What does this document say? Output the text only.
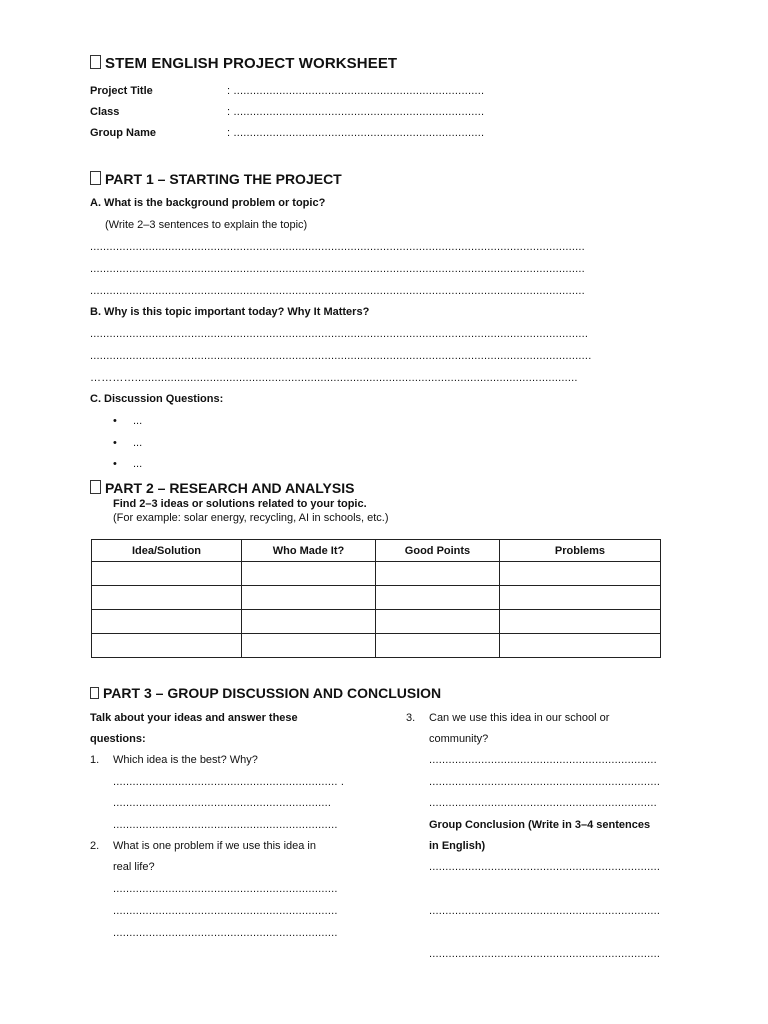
STEM ENGLISH PROJECT WORKSHEET
Project Title	: .............................................................................
Class	: .............................................................................
Group Name	: .............................................................................
PART 1 – STARTING THE PROJECT
A. What is the background problem or topic?
(Write 2–3 sentences to explain the topic)
........................................................................................................................................................
........................................................................................................................................................
........................................................................................................................................................
B. Why is this topic important today? Why It Matters?
.........................................................................................................................................................
..........................................................................................................................................................
…………........................................................................................................................................
C. Discussion Questions:
• ...
• ...
• ...
PART 2 – RESEARCH AND ANALYSIS
Find 2–3 ideas or solutions related to your topic.
(For example: solar energy, recycling, AI in schools, etc.)
Idea/Solution	Who Made It?	Good Points	Problems

PART 3 – GROUP DISCUSSION AND CONCLUSION
Talk about your ideas and answer these
questions:
1. Which idea is the best? Why?
..................................................................... .
...................................................................
.....................................................................
2. What is one problem if we use this idea in
real life?
.....................................................................
.....................................................................
.....................................................................
3. Can we use this idea in our school or
community?
......................................................................
.......................................................................
......................................................................
Group Conclusion (Write in 3–4 sentences
in English)
.......................................................................
.......................................................................
.......................................................................
